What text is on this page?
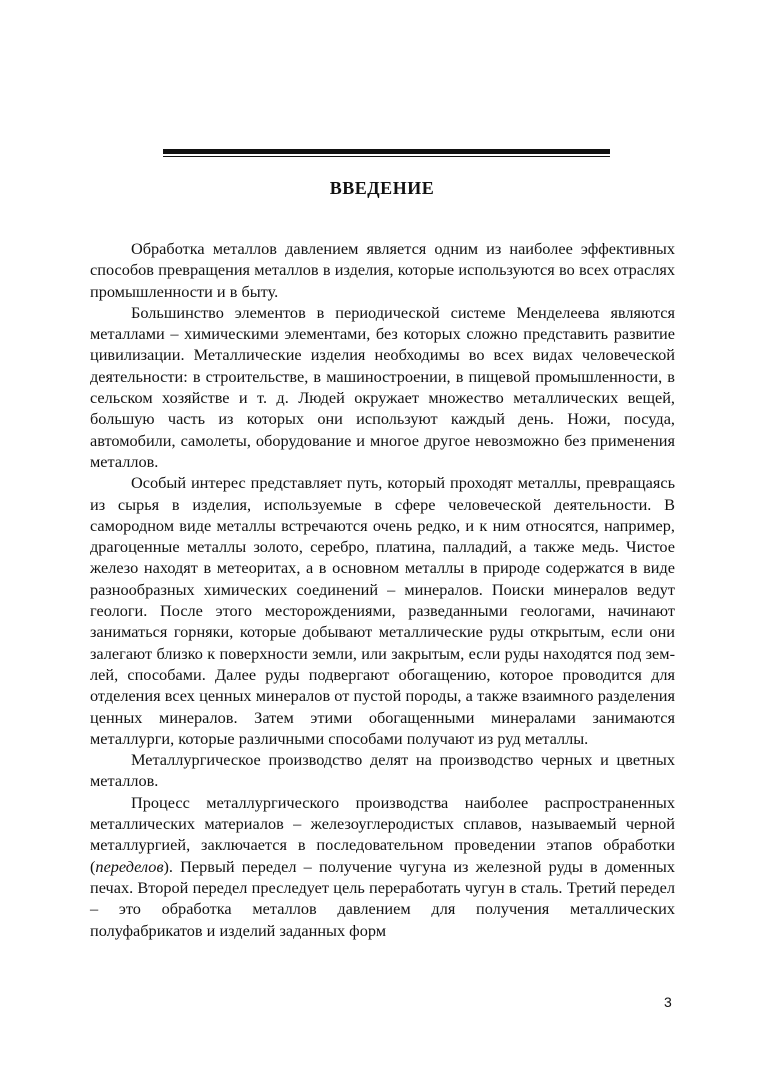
ВВЕДЕНИЕ

Обработка металлов давлением является одним из наиболее эффективных способов превращения металлов в изделия, которые используются во всех отраслях промышленности и в быту.

Большинство элементов в периодической системе Менделеева являются металлами – химическими элементами, без которых сложно представить развитие цивилизации. Металлические изделия необходимы во всех видах человеческой деятельности: в строительстве, в машиностроении, в пищевой промышленности, в сельском хозяйстве и т. д. Людей окружает множество металлических вещей, большую часть из которых они используют каждый день. Ножи, посуда, автомобили, самолеты, оборудование и многое другое невозможно без применения металлов.

Особый интерес представляет путь, который проходят металлы, превращаясь из сырья в изделия, используемые в сфере человеческой деятельности. В самородном виде металлы встречаются очень редко, и к ним относятся, например, драгоценные металлы золото, серебро, платина, палладий, а также медь. Чистое железо находят в метеоритах, а в основном металлы в природе содержатся в виде разнообразных химических соединений – минералов. Поиски минералов ведут геологи. После этого месторождениями, разведанными геологами, начинают заниматься горняки, которые добывают металлические руды открытым, если они залегают близко к поверхности земли, или закрытым, если руды находятся под землей, способами. Далее руды подвергают обогащению, которое проводится для отделения всех ценных минералов от пустой породы, а также взаимного разделения ценных минералов. Затем этими обогащенными минералами занимаются металлурги, которые различными способами получают из руд металлы.

Металлургическое производство делят на производство черных и цветных металлов.

Процесс металлургического производства наиболее распространенных металлических материалов – железоуглеродистых сплавов, называемый черной металлургией, заключается в последовательном проведении этапов обработки (переделов). Первый передел – получение чугуна из железной руды в доменных печах. Второй передел преследует цель переработать чугун в сталь. Третий передел – это обработка металлов давлением для получения металлических полуфабрикатов и изделий заданных форм

3
